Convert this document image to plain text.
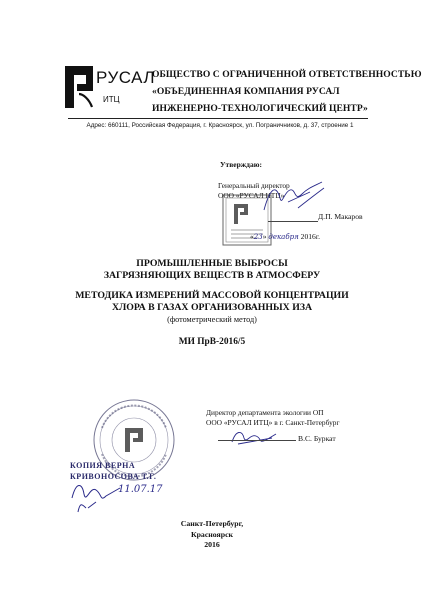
РУСАЛ
ИТЦ
ОБЩЕСТВО С ОГРАНИЧЕННОЙ ОТВЕТСТВЕННОСТЬЮ
«ОБЪЕДИНЕННАЯ КОМПАНИЯ РУСАЛ
ИНЖЕНЕРНО-ТЕХНОЛОГИЧЕСКИЙ ЦЕНТР»
Адрес: 660111, Российская Федерация, г. Красноярск, ул. Пограничников, д. 37, строение 1
Утверждаю:
Генеральный директор
ООО «РУСАЛ ИТЦ»
Д.П. Макаров
«23» декабря 2016г.
ПРОМЫШЛЕННЫЕ ВЫБРОСЫ
ЗАГРЯЗНЯЮЩИХ ВЕЩЕСТВ В АТМОСФЕРУ
МЕТОДИКА ИЗМЕРЕНИЙ МАССОВОЙ КОНЦЕНТРАЦИИ
ХЛОРА В ГАЗАХ ОРГАНИЗОВАННЫХ ИЗА
(фотометрический метод)
МИ ПрВ-2016/5
Директор департамента экологии ОП
ООО «РУСАЛ ИТЦ» в г. Санкт-Петербург
В.С. Буркат
КОПИЯ ВЕРНА
КРИВОНОСОВА Т.Г.
11.07.17
Санкт-Петербург,
Красноярск
2016
